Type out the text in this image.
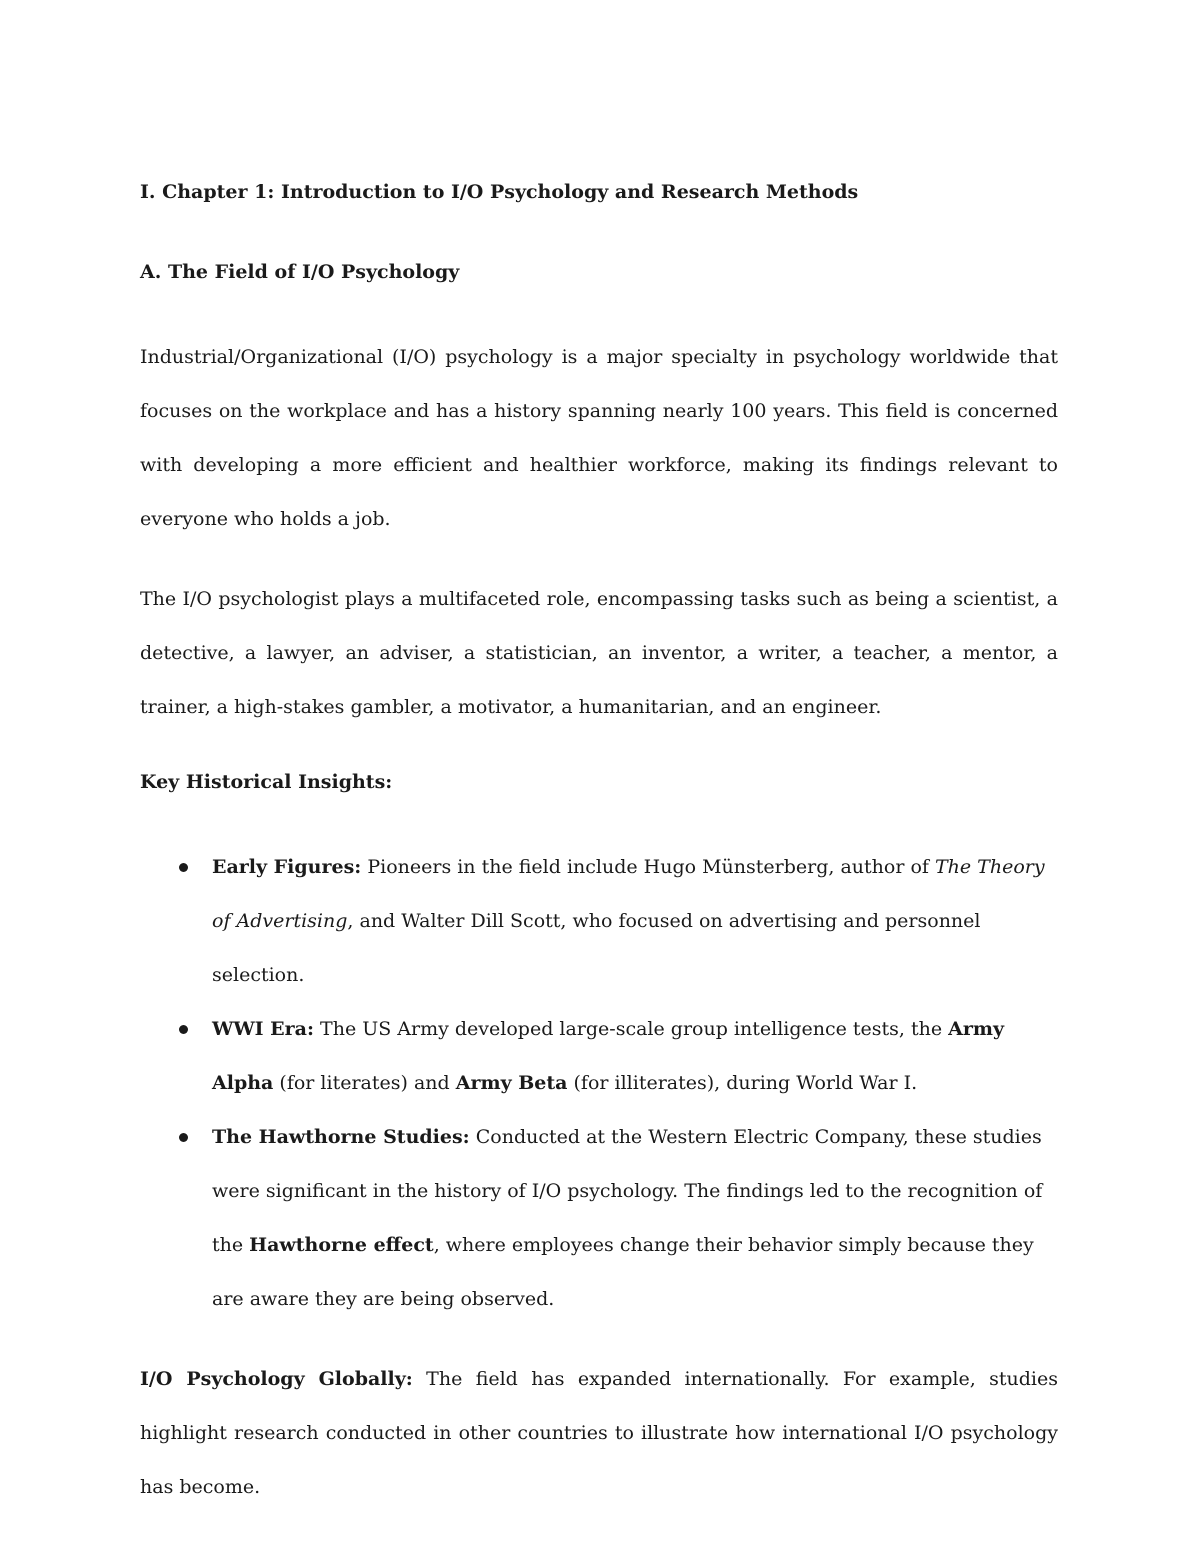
I. Chapter 1: Introduction to I/O Psychology and Research Methods
A. The Field of I/O Psychology

Industrial/Organizational (I/O) psychology is a major specialty in psychology worldwide that focuses on the workplace and has a history spanning nearly 100 years. This field is concerned with developing a more efficient and healthier workforce, making its findings relevant to everyone who holds a job.

The I/O psychologist plays a multifaceted role, encompassing tasks such as being a scientist, a detective, a lawyer, an adviser, a statistician, an inventor, a writer, a teacher, a mentor, a trainer, a high-stakes gambler, a motivator, a humanitarian, and an engineer.

Key Historical Insights:
Early Figures: Pioneers in the field include Hugo Münsterberg, author of The Theory of Advertising, and Walter Dill Scott, who focused on advertising and personnel selection.
WWI Era: The US Army developed large-scale group intelligence tests, the Army Alpha (for literates) and Army Beta (for illiterates), during World War I.
The Hawthorne Studies: Conducted at the Western Electric Company, these studies were significant in the history of I/O psychology. The findings led to the recognition of the Hawthorne effect, where employees change their behavior simply because they are aware they are being observed.

I/O Psychology Globally: The field has expanded internationally. For example, studies highlight research conducted in other countries to illustrate how international I/O psychology has become.
